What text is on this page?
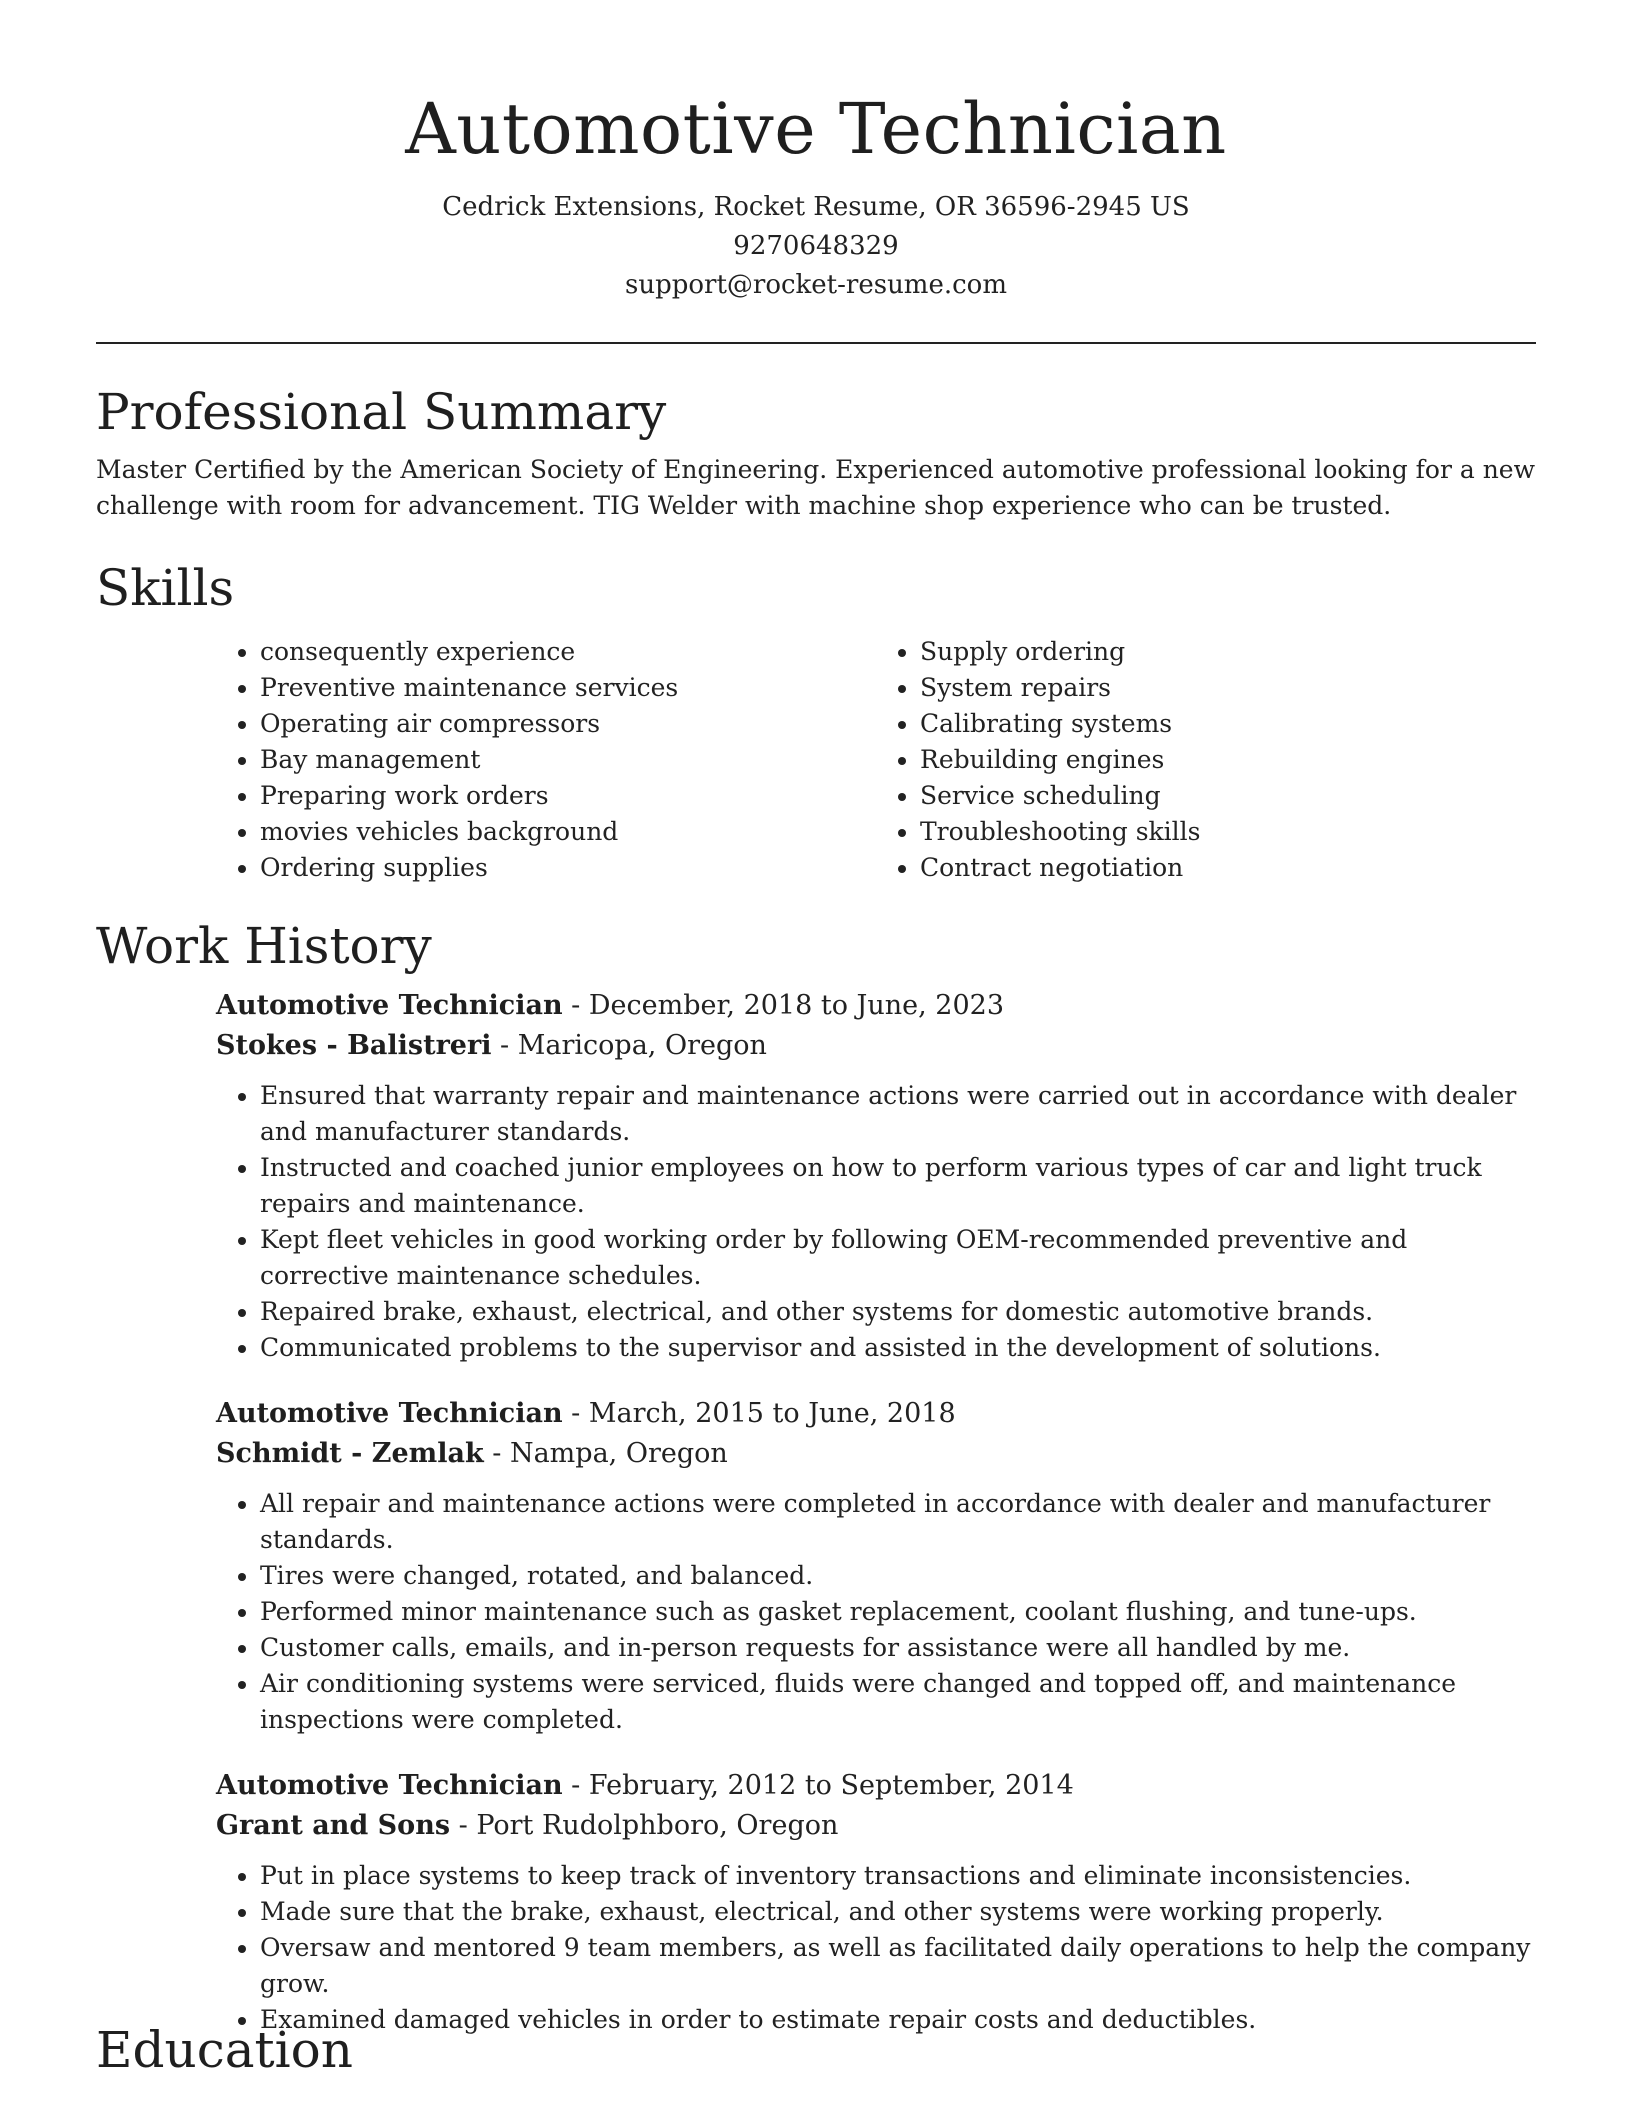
Automotive Technician
Cedrick Extensions, Rocket Resume, OR 36596-2945 US
9270648329
support@rocket-resume.com
Professional Summary

Master Certified by the American Society of Engineering. Experienced automotive professional looking for a new challenge with room for advancement. TIG Welder with machine shop experience who can be trusted.

Skills
• consequently experience
• Preventive maintenance services
• Operating air compressors
• Bay management
• Preparing work orders
• movies vehicles background
• Ordering supplies
• Supply ordering
• System repairs
• Calibrating systems
• Rebuilding engines
• Service scheduling
• Troubleshooting skills
• Contract negotiation
Work History
Automotive Technician - December, 2018 to June, 2023
Stokes - Balistreri - Maricopa, Oregon
• Ensured that warranty repair and maintenance actions were carried out in accordance with dealer and manufacturer standards.
• Instructed and coached junior employees on how to perform various types of car and light truck repairs and maintenance.
• Kept fleet vehicles in good working order by following OEM-recommended preventive and corrective maintenance schedules.
• Repaired brake, exhaust, electrical, and other systems for domestic automotive brands.
• Communicated problems to the supervisor and assisted in the development of solutions.
Automotive Technician - March, 2015 to June, 2018
Schmidt - Zemlak - Nampa, Oregon
• All repair and maintenance actions were completed in accordance with dealer and manufacturer standards.
• Tires were changed, rotated, and balanced.
• Performed minor maintenance such as gasket replacement, coolant flushing, and tune-ups.
• Customer calls, emails, and in-person requests for assistance were all handled by me.
• Air conditioning systems were serviced, fluids were changed and topped off, and maintenance inspections were completed.
Automotive Technician - February, 2012 to September, 2014
Grant and Sons - Port Rudolphboro, Oregon
• Put in place systems to keep track of inventory transactions and eliminate inconsistencies.
• Made sure that the brake, exhaust, electrical, and other systems were working properly.
• Oversaw and mentored 9 team members, as well as facilitated daily operations to help the company grow.
• Examined damaged vehicles in order to estimate repair costs and deductibles.
Education
